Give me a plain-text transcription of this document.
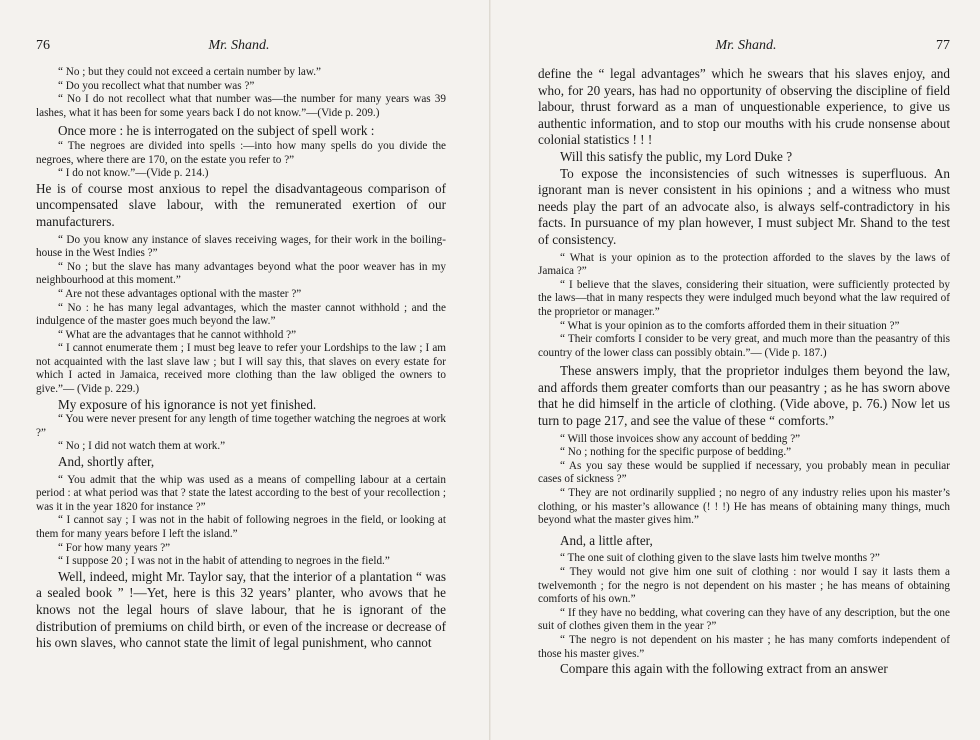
76	Mr. Shand.

“ No ; but they could not exceed a certain number by law.”

“ Do you recollect what that number was ?”

“ No I do not recollect what that number was—the number for many years was 39 lashes, what it has been for some years back I do not know.”—(Vide p. 209.)

Once more : he is interrogated on the subject of spell work :

“ The negroes are divided into spells :—into how many spells do you divide the negroes, where there are 170, on the estate you refer to ?”

“ I do not know.”—(Vide p. 214.)

He is of course most anxious to repel the disadvantageous comparison of uncompensated slave labour, with the remunerated exertion of our manufacturers.

“ Do you know any instance of slaves receiving wages, for their work in the boiling-house in the West Indies ?”

“ No ; but the slave has many advantages beyond what the poor weaver has in my neighbourhood at this moment.”

“ Are not these advantages optional with the master ?”

“ No : he has many legal advantages, which the master cannot withhold ; and the indulgence of the master goes much beyond the law.”

“ What are the advantages that he cannot withhold ?”

“ I cannot enumerate them ; I must beg leave to refer your Lordships to the law ; I am not acquainted with the last slave law ; but I will say this, that slaves on every estate for which I acted in Jamaica, received more clothing than the law obliged the owners to give.”— (Vide p. 229.)

My exposure of his ignorance is not yet finished.

“ You were never present for any length of time together watching the negroes at work ?”

“ No ; I did not watch them at work.”

And, shortly after,

“ You admit that the whip was used as a means of compelling labour at a certain period : at what period was that ? state the latest according to the best of your recollection ; was it in the year 1820 for instance ?”

“ I cannot say ; I was not in the habit of following negroes in the field, or looking at them for many years before I left the island.”

“ For how many years ?”

“ I suppose 20 ; I was not in the habit of attending to negroes in the field.”

Well, indeed, might Mr. Taylor say, that the interior of a plantation “ was a sealed book ” !—Yet, here is this 32 years’ planter, who avows that he knows not the legal hours of slave labour, that he is ignorant of the distribution of premiums on child birth, or even of the increase or decrease of his own slaves, who cannot state the limit of legal punishment, who cannot

Mr. Shand.	77

define the “ legal advantages” which he swears that his slaves enjoy, and who, for 20 years, has had no opportunity of observing the discipline of field labour, thrust forward as a man of unquestionable experience, to give us authentic information, and to stop our mouths with his crude nonsense about colonial statistics ! ! !

Will this satisfy the public, my Lord Duke ?

To expose the inconsistencies of such witnesses is superfluous. An ignorant man is never consistent in his opinions ; and a witness who must needs play the part of an advocate also, is always self-contradictory in his facts. In pursuance of my plan however, I must subject Mr. Shand to the test of consistency.

“ What is your opinion as to the protection afforded to the slaves by the laws of Jamaica ?”

“ I believe that the slaves, considering their situation, were sufficiently protected by the laws—that in many respects they were indulged much beyond what the law required of the proprietor or manager.”

“ What is your opinion as to the comforts afforded them in their situation ?”

“ Their comforts I consider to be very great, and much more than the peasantry of this country of the lower class can possibly obtain.”— (Vide p. 187.)

These answers imply, that the proprietor indulges them beyond the law, and affords them greater comforts than our peasantry ; as he has sworn above that he did himself in the article of clothing. (Vide above, p. 76.) Now let us turn to page 217, and see the value of these “ comforts.”

“ Will those invoices show any account of bedding ?”

“ No ; nothing for the specific purpose of bedding.”

“ As you say these would be supplied if necessary, you probably mean in peculiar cases of sickness ?”

“ They are not ordinarily supplied ; no negro of any industry relies upon his master’s clothing, or his master’s allowance (! ! !) He has means of obtaining many things, much beyond what the master gives him.”

And, a little after,

“ The one suit of clothing given to the slave lasts him twelve months ?”

“ They would not give him one suit of clothing : nor would I say it lasts them a twelvemonth ; for the negro is not dependent on his master ; he has means of obtaining comforts of his own.”

“ If they have no bedding, what covering can they have of any description, but the one suit of clothes given them in the year ?”

“ The negro is not dependent on his master ; he has many comforts independent of those his master gives.”

Compare this again with the following extract from an answer
